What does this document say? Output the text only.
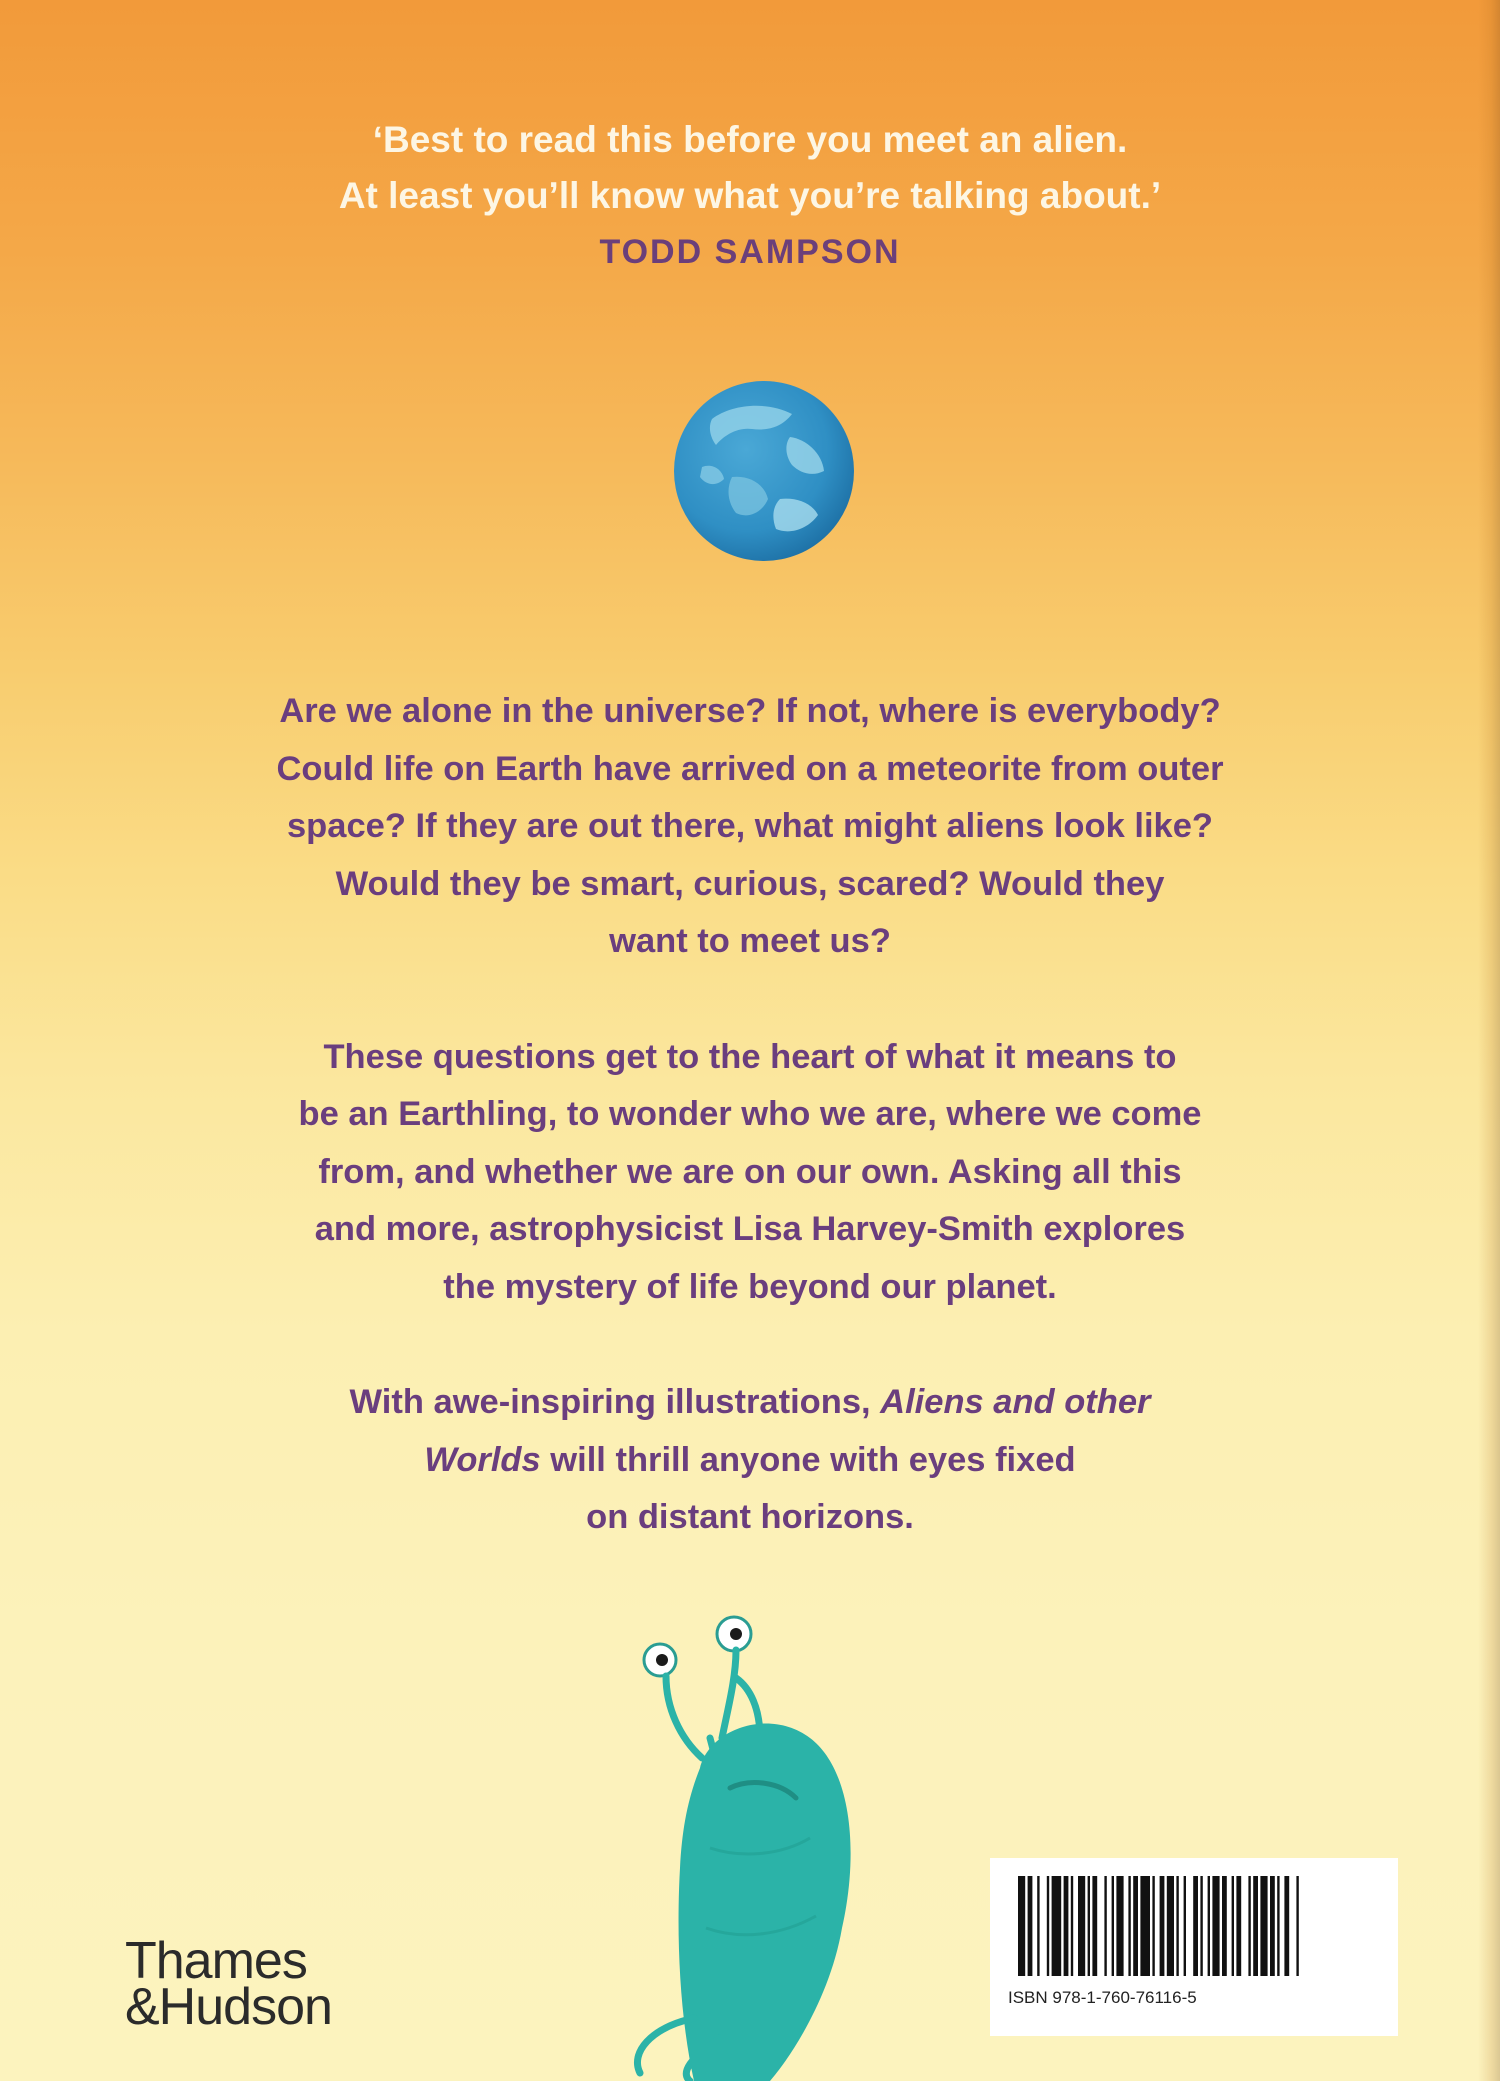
‘Best to read this before you meet an alien.
At least you’ll know what you’re talking about.’
TODD SAMPSON

Are we alone in the universe? If not, where is everybody?
Could life on Earth have arrived on a meteorite from outer
space? If they are out there, what might aliens look like?
Would they be smart, curious, scared? Would they
want to meet us?

These questions get to the heart of what it means to
be an Earthling, to wonder who we are, where we come
from, and whether we are on our own. Asking all this
and more, astrophysicist Lisa Harvey-Smith explores
the mystery of life beyond our planet.

With awe-inspiring illustrations, Aliens and other
Worlds will thrill anyone with eyes fixed
on distant horizons.

Thames
&Hudson	ISBN 978-1-760-76116-5
